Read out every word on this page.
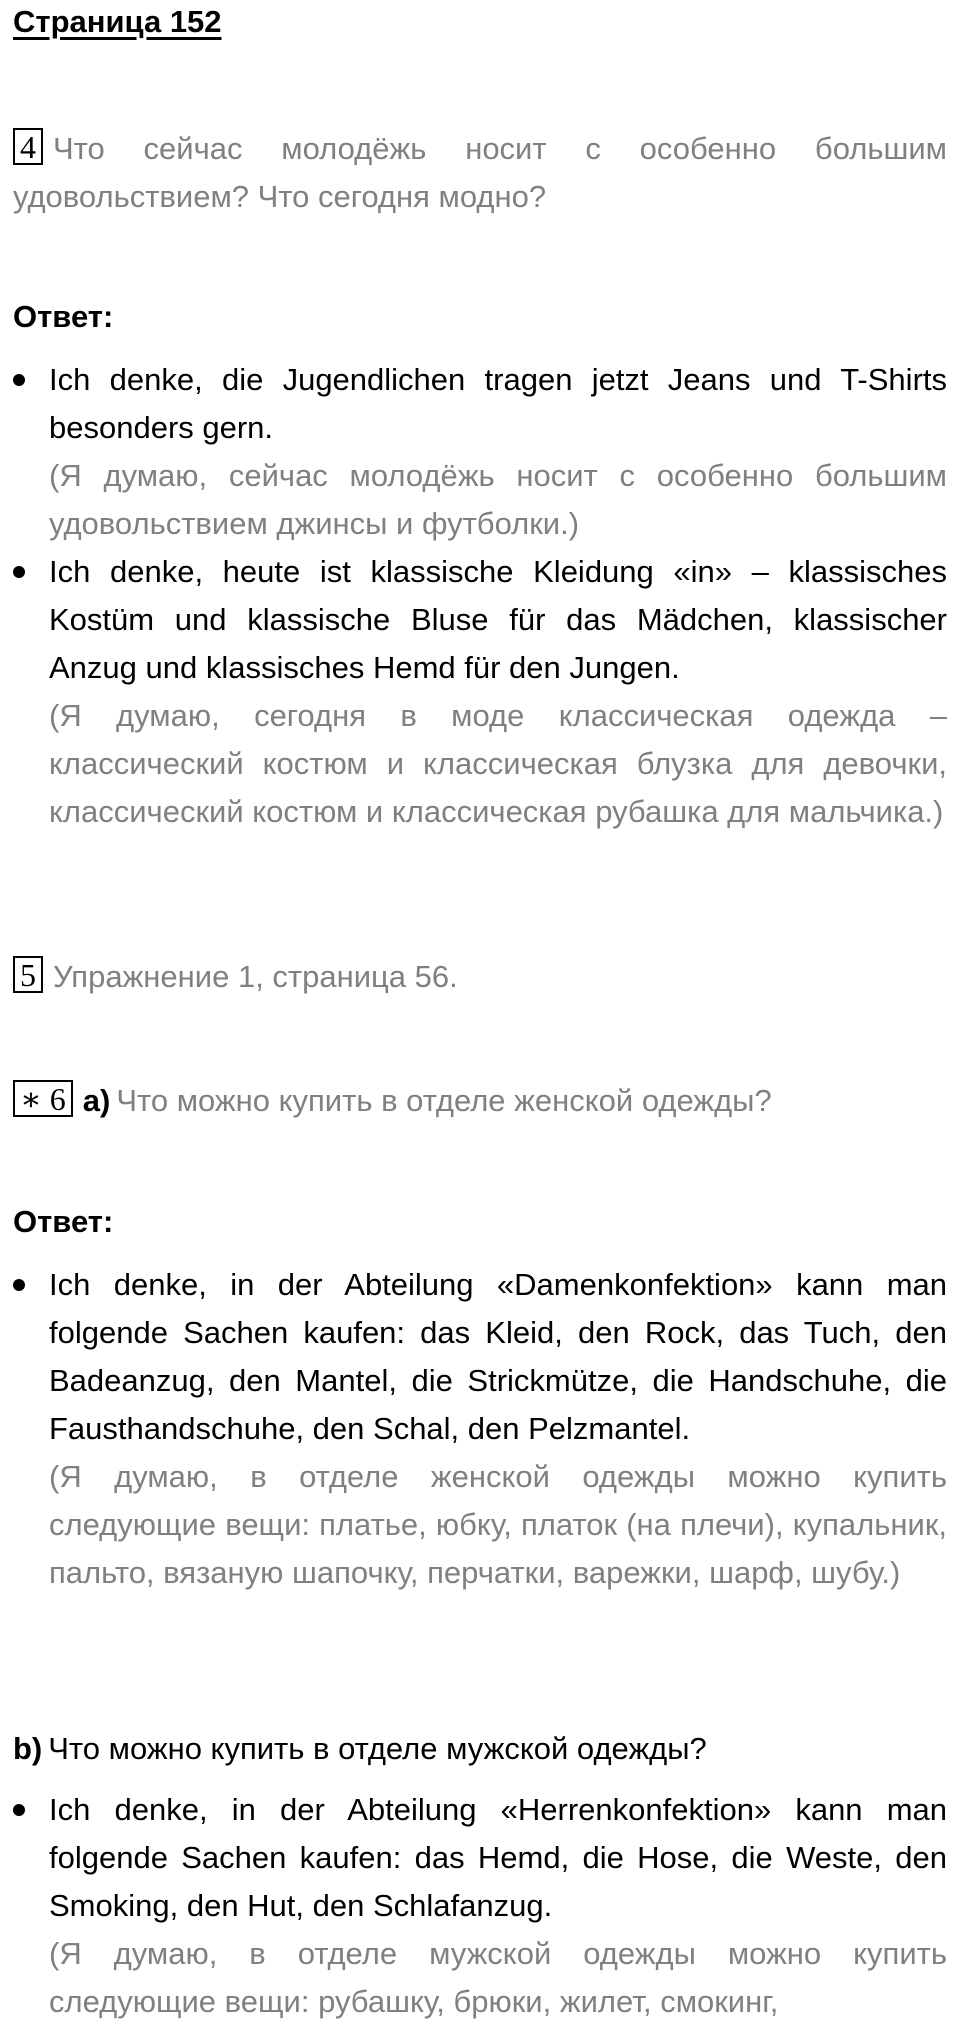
Страница 152
4 Что сейчас молодёжь носит с особенно большим удовольствием? Что сегодня модно?
Ответ:
Ich denke, die Jugendlichen tragen jetzt Jeans und T-Shirts besonders gern.
(Я думаю, сейчас молодёжь носит с особенно большим удовольствием джинсы и футболки.)
Ich denke, heute ist klassische Kleidung «in» – klassisches Kostüm und klassische Bluse für das Mädchen, klassischer Anzug und klassisches Hemd für den Jungen.
(Я думаю, сегодня в моде классическая одежда – классический костюм и классическая блузка для девочки, классический костюм и классическая рубашка для мальчика.)
5 Упражнение 1, страница 56.
∗ 6 a) Что можно купить в отделе женской одежды?
Ответ:
Ich denke, in der Abteilung «Damenkonfektion» kann man folgende Sachen kaufen: das Kleid, den Rock, das Tuch, den Badeanzug, den Mantel, die Strickmütze, die Handschuhe, die Fausthandschuhe, den Schal, den Pelzmantel.
(Я думаю, в отделе женской одежды можно купить следующие вещи: платье, юбку, платок (на плечи), купальник, пальто, вязаную шапочку, перчатки, варежки, шарф, шубу.)
b) Что можно купить в отделе мужской одежды?
Ich denke, in der Abteilung «Herrenkonfektion» kann man folgende Sachen kaufen: das Hemd, die Hose, die Weste, den Smoking, den Hut, den Schlafanzug.
(Я думаю, в отделе мужской одежды можно купить следующие вещи: рубашку, брюки, жилет, смокинг,
